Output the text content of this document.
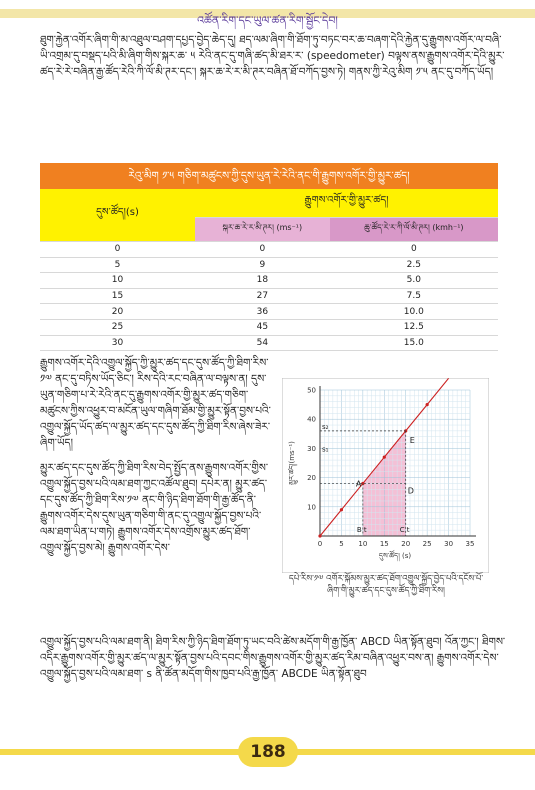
འཚོན་རིག་དང་ཡུལ་ཚན་རིག་སྦྱོང་དེབ།

ཐུག་རྐྱེན་འགོར་ཞིག་གི་མ་འཐུལ་བཤག་དཔྱད་བྱེད་ཆེད་དུ། ཐད་ལམ་ཞིག་གི་ཐོག་ཏུ་བཏང་བར་ཆ་བཞག་དེའི་རྐྱེན་དུ་རྒྱུགས་འགོར་ལ་བཞི་ཡི་འགྲམ་དུ་བསྡད་པའི་མི་ཞིག་གིས་སྐར་ཆ་ ༥ རེའི་ནང་དུ་གཞི་ཚད་མི་ཐར་ར་ (speedometer) བལྟས་ནས་རྒྱུགས་འགོར་དེའི་མྱུར་ཚད་རེ་རེ་བཞིན་རྒྱ་ཚོད་རེའི་ཀི་ལོ་མི་ཊར་དང་། སྐར་ཆ་རེ་ར་མི་ཊར་བཞིན་ཐོ་བཀོད་བྱས་ཏེ། གནས་ཀྱི་རེའུ་མིག ༡་༥ ནང་དུ་བཀོད་ཡོད།

རེའུ་མིག ༡་༥ གཅིག་མཚུངས་ཀྱི་དུས་ཡུན་རེ་རེའི་ནང་གི་རྒྱུགས་འགོར་གྱི་མྱུར་ཚད།
དུས་ཚོད།(s)	རྒྱུགས་འགོར་གྱི་མྱུར་ཚད།	
	སྐར་ཆ་རེ་ར་མི་ཊར། (ms⁻¹)	ཆུ་ཚོད་རེ་ར་ཀི་ལོ་མི་ཊར། (kmh⁻¹)
0	0	0
5	9	2.5
10	18	5.0
15	27	7.5
20	36	10.0
25	45	12.5
30	54	15.0

རྒྱུགས་འགོར་དེའི་འགྱུལ་སྐྱོད་ཀྱི་མྱུར་ཚད་དང་དུས་ཚོད་ཀྱི་ཐིག་རིས་༡༧ ནང་དུ་བཏིས་ཡོད་ཅིང་། རིས་དེའི་རང་བཞིན་ལ་བལྟས་ན། དུས་ཡུན་གཅིག་པ་རེ་རེའི་ནང་དུ་རྒྱུགས་འགོར་གྱི་མྱུར་ཚད་གཅིག་མཚུངས་ཀྱིས་འཕྱུར་བ་མངོན་ཡུལ་གཞིག་ཐོམ་གྱི་མྱུར་སྟོན་བྱས་པའི་འགྱུལ་སྐྱོད་ཡོད་ཚད་ལ་མྱུར་ཚད་དང་དུས་ཚོད་ཀྱི་ཐིག་རིས་ཞེས་ཟེར་ཞིག་ཡོད།

མྱུར་ཚད་དང་དུས་ཚོད་ཀྱི་ཐིག་རིས་བེད་སྤྱོད་ནས་རྒྱུགས་འགོར་གྱིས་འགྱུལ་སྐྱོད་བྱས་པའི་ལམ་ཐག་ཀྱང་འཚོལ་ཐུབ། དཔེར་ན། མྱུར་ཚད་དང་དུས་ཚོད་ཀྱི་ཐིག་རིས་༡༧ ནང་གི་ཉིད་ཐིག་ཐོག་གི་རྒྱ་ཚོད་ནི་རྒྱུགས་འགོར་དེས་དུས་ཡུན་གཅིག་གི་ནང་དུ་འགྱུལ་སྐྱོད་བྱས་པའི་ལམ་ཐག་ཡིན་པ་གཏེ། རྒྱུགས་འགོར་དེས་འགྲོས་མྱུར་ཚད་ཐོག་འགྱུལ་སྐྱོད་བྱས་མེ། རྒྱུགས་འགོར་དེས་	0 5 10 15 20 25 30 35
10
20
30
40
50
དུས་ཚོད། (s)
མྱུར་ཚད།(ms⁻¹)	A
E
D
B	C
t	t
s₂
s₁
དཔེ་རིས་༡༧ འགོར་སྐོམས་མྱུར་ཚད་ཐོག་འགྱུལ་སྐྱོད་བྱེད་པའི་དངོས་པོ་ཞིག་གི་མྱུར་ཚད་དང་དུས་ཚོད་ཀྱི་ཐིག་རིས།

འགྱུལ་སྐྱོད་བྱས་པའི་ལམ་ཐག་ནི། ཐིག་རིས་ཀྱི་ཉིད་ཐིག་ཐོག་ཏུ་ཡང་བའི་ཚེས་མདོག་གི་རྒྱ་ཁྱོན་ ABCD ཡིན་སྟོན་ཐུབ། འོན་ཀྱང་། ཐིགས་འདིར་རྒྱུགས་འགོར་གྱི་མྱུར་ཚད་ལ་མྱུར་སྟོན་བྱས་པའི་དབང་གིས་རྒྱུགས་འགོར་གྱི་མྱུར་ཚད་རིམ་བཞིན་འཕྱུར་བས་ན། རྒྱུགས་འགོར་དེས་འགྱུལ་སྐྱོད་བྱས་པའི་ལམ་ཐག་ s ནི་ཚོན་མདོག་གིས་ཁྱབ་པའི་རྒྱ་ཁྱོན་ ABCDE ཡིན་སྟོན་ཐུབ

188
